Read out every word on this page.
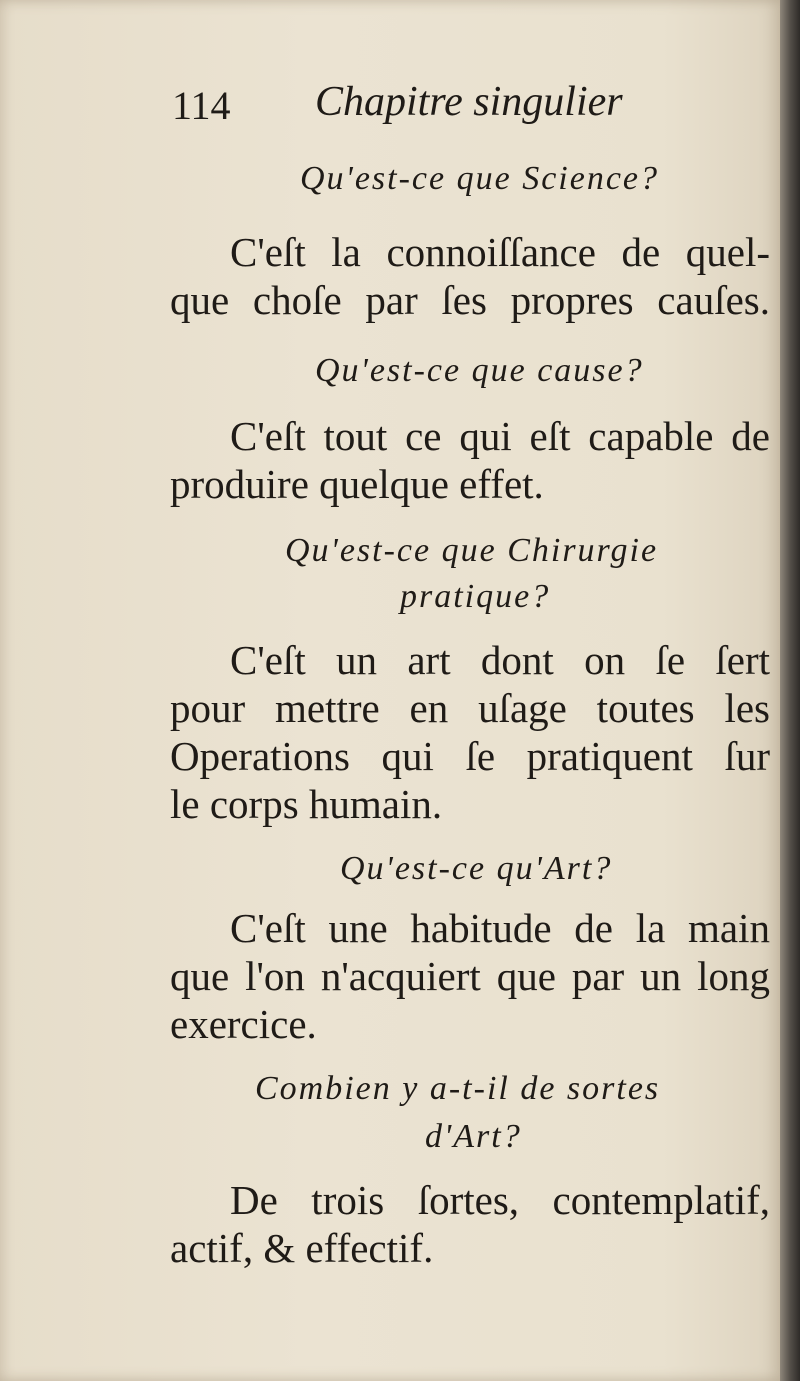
114 Chapitre singulier
Qu'est-ce que Science?
C'eſt la connoiſſance de quel-
que choſe par ſes propres cauſes.
Qu'est-ce que cause?
C'eſt tout ce qui eſt capable de
produire quelque effet.
Qu'est-ce que Chirurgie
pratique?
C'eſt un art dont on ſe ſert
pour mettre en uſage toutes les
Operations qui ſe pratiquent ſur
le corps humain.
Qu'est-ce qu'Art?
C'eſt une habitude de la main
que l'on n'acquiert que par un long
exercice.
Combien y a-t-il de sortes
d'Art?
De trois ſortes, contemplatif,
actif, & effectif.
